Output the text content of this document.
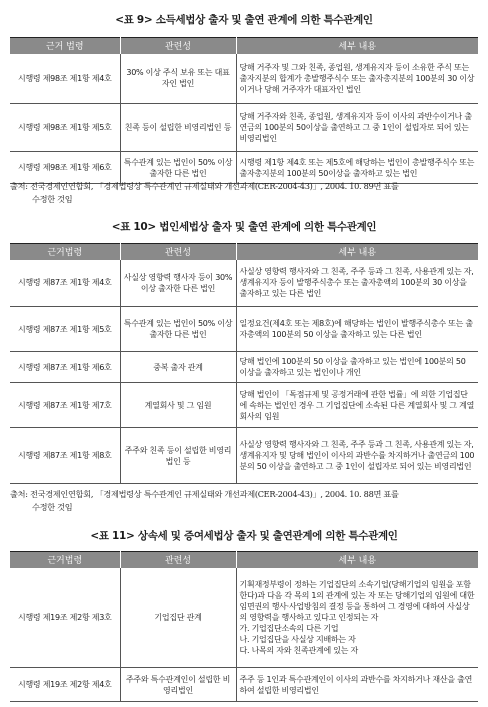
<표 9> 소득세법상 출자 및 출연 관계에 의한 특수관계인
근거 법령	관련성	세부 내용
시행령 제98조 제1항 제4호	30% 이상 주식 보유 또는 대표자인 법인	당해 거주자 및 그와 친족, 종업원, 생계유지자 등이 소유한 주식 또는 출자지분의 합계가 총발행주식수 또는 출자총지분의 100분의 30 이상이거나 당해 거주자가 대표자인 법인
시행령 제98조 제1항 제5호	친족 등이 설립한 비영리법인 등	당해 거주자와 친족, 종업원, 생계유지자 등이 이사의 과반수이거나 출연금의 100분의 50이상을 출연하고 그 중 1인이 설립자로 되어 있는 비영리법인
시행령 제98조 제1항 제6호	특수관계 있는 법인이 50% 이상 출자한 다른 법인	시행령 제1항 제4호 또는 제5호에 해당하는 법인이 총발행주식수 또는 출자총지분의 100분의 50이상을 출자하고 있는 법인
출처: 전국경제인연합회, 「경제법령상 특수관계인 규제실태와 개선과제(CER-2004-43)」, 2004. 10. 89면 표를
수정한 것임
<표 10> 법인세법상 출자 및 출연 관계에 의한 특수관계인
근거법령	관련성	세부 내용
시행령 제87조 제1항 제4호	사실상 영향력 행사자 등이 30% 이상 출자한 다른 법인	사실상 영향력 행사자와 그 친족, 주주 등과 그 친족, 사용관계 있는 자, 생계유지자 등이 발행주식총수 또는 출자총액의 100분의 30 이상을 출자하고 있는 다른 법인
시행령 제87조 제1항 제5호	특수관계 있는 법인이 50% 이상 출자한 다른 법인	일정요건(제4호 또는 제8호)에 해당하는 법인이 발행주식총수 또는 출자총액의 100분의 50 이상을 출자하고 있는 다른 법인
시행령 제87조 제1항 제6호	중복 출자 관계	당해 법인에 100분의 50 이상을 출자하고 있는 법인에 100분의 50 이상을 출자하고 있는 법인이나 개인
시행령 제87조 제1항 제7호	계열회사 및 그 임원	당해 법인이 「독점규제 및 공정거래에 관한 법률」에 의한 기업집단에 속하는 법인인 경우 그 기업집단에 소속된 다른 계열회사 및 그 계열회사의 임원
시행령 제87조 제1항 제8호	주주와 친족 등이 설립한 비영리법인 등	사실상 영향력 행사자와 그 친족, 주주 등과 그 친족, 사용관계 있는 자, 생계유지자 및 당해 법인이 이사의 과반수를 차지하거나 출연금의 100분의 50 이상을 출연하고 그 중 1인이 설립자로 되어 있는 비영리법인
출처: 전국경제인연합회, 「경제법령상 특수관계인 규제실태와 개선과제(CER-2004-43)」, 2004. 10. 88면 표를
수정한 것임
<표 11> 상속세 및 증여세법상 출자 및 출연관계에 의한 특수관계인
근거법령	관련성	세부 내용
시행령 제19조 제2항 제3호	기업집단 관계	기획재정부령이 정하는 기업집단의 소속기업(당해기업의 임원을 포함한다)과 다음 각 목의 1의 관계에 있는 자 또는 당해기업의 임원에 대한 임면권의 행사·사업방침의 결정 등을 통하여 그 경영에 대하여 사실상의 영향력을 행사하고 있다고 인정되는 자
가. 기업집단소속의 다른 기업
나. 기업집단을 사실상 지배하는 자
다. 나목의 자와 친족관계에 있는 자

시행령 제19조 제2항 제4호	주주와 특수관계인이 설립한 비영리법인	주주 등 1인과 특수관계인이 이사의 과반수를 차지하거나 재산을 출연하여 설립한 비영리법인
